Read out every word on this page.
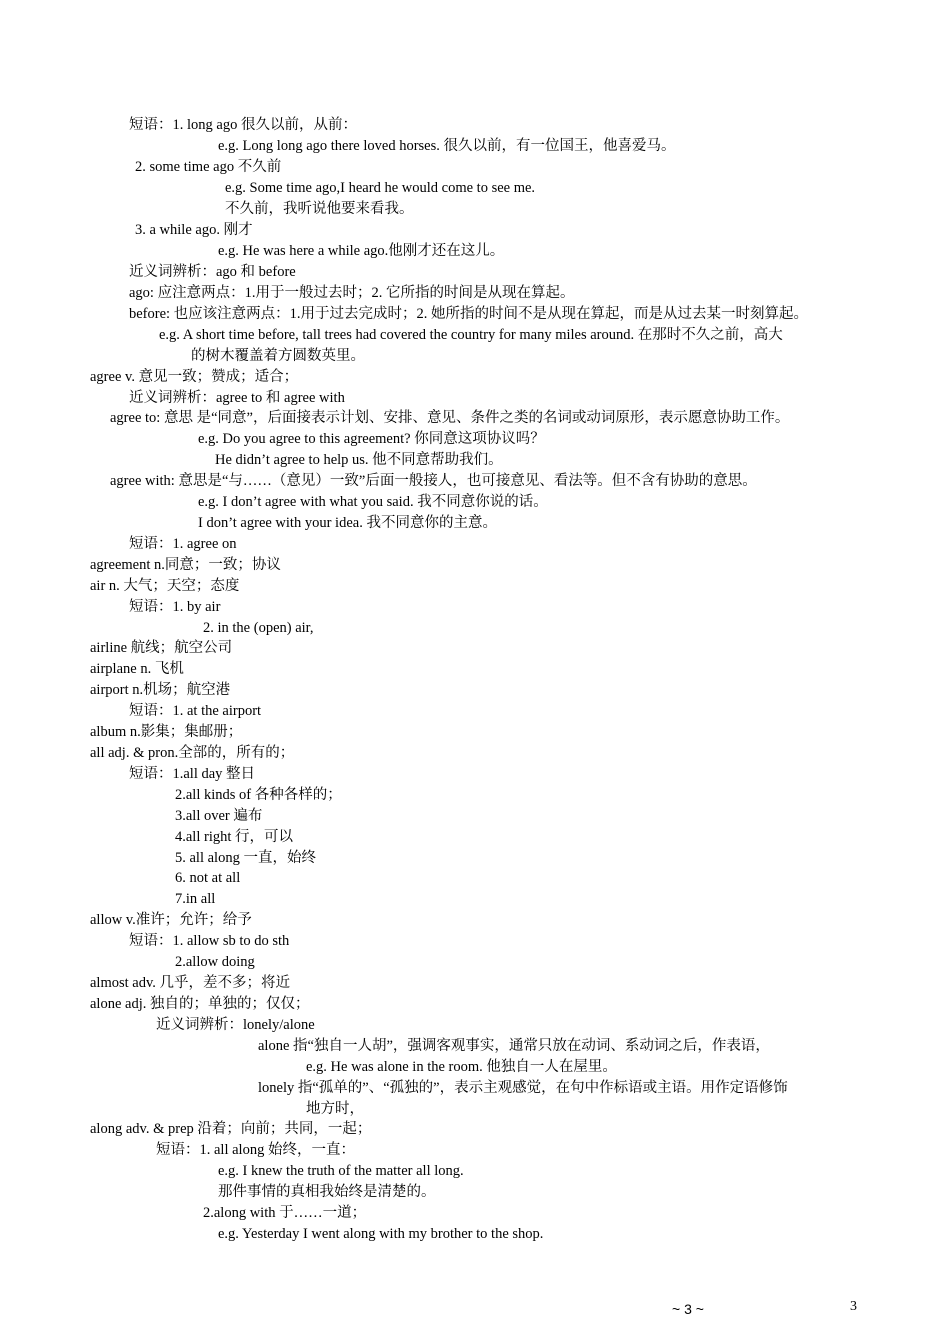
短语：1. long ago 很久以前，从前：
e.g. Long long ago there loved horses. 很久以前，有一位国王，他喜爱马。
2. some time ago 不久前
e.g. Some time ago,I heard he would come to see me.
不久前，我听说他要来看我。
3. a while ago. 刚才
e.g. He was here a while ago.他刚才还在这儿。
近义词辨析：ago 和 before
ago: 应注意两点：1.用于一般过去时；2. 它所指的时间是从现在算起。
before: 也应该注意两点：1.用于过去完成时；2. 她所指的时间不是从现在算起，而是从过去某一时刻算起。
e.g. A short time before, tall trees had covered the country for many miles around. 在那时不久之前，高大
的树木覆盖着方圆数英里。
agree v. 意见一致；赞成；适合；
近义词辨析：agree to 和 agree with
agree to: 意思 是“同意”，后面接表示计划、安排、意见、条件之类的名词或动词原形，表示愿意协助工作。
e.g. Do you agree to this agreement? 你同意这项协议吗？
He didn’t agree to help us. 他不同意帮助我们。
agree with: 意思是“与……（意见）一致”后面一般接人，也可接意见、看法等。但不含有协助的意思。
e.g. I don’t agree with what you said. 我不同意你说的话。
I don’t agree with your idea. 我不同意你的主意。
短语：1. agree on
agreement n.同意；一致；协议
air n. 大气；天空；态度
短语：1. by air
2. in the (open) air,
airline 航线；航空公司
airplane n. 飞机
airport n.机场；航空港
短语：1. at the airport
album n.影集；集邮册；
all adj. & pron.全部的，所有的；
短语：1.all day 整日
2.all kinds of 各种各样的；
3.all over 遍布
4.all right 行，可以
5. all along 一直，始终
6. not at all
7.in all
allow v.准许；允许；给予
短语：1. allow sb to do sth
2.allow doing
almost adv. 几乎，差不多；将近
alone adj. 独自的；单独的；仅仅；
近义词辨析：lonely/alone
alone 指“独自一人胡”，强调客观事实，通常只放在动词、系动词之后，作表语，
e.g. He was alone in the room. 他独自一人在屋里。
lonely 指“孤单的”、“孤独的”，表示主观感觉，在句中作标语或主语。用作定语修饰
地方时，
along adv. & prep 沿着；向前；共同，一起；
短语：1. all along 始终，一直：
e.g. I knew the truth of the matter all long.
那件事情的真相我始终是清楚的。
2.along with 于……一道；
e.g. Yesterday I went along with my brother to the shop.
~ 3 ~	3
